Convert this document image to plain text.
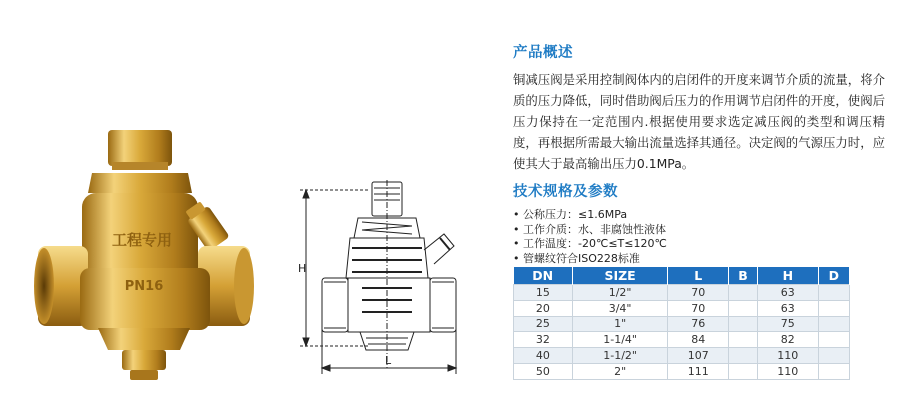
工程专用
PN16
H
L
产品概述

铜减压阀是采用控制阀体内的启闭件的开度来调节介质的流量，将介质的压力降低，同时借助阀后压力的作用调节启闭件的开度，使阀后压力保持在一定范围内.根据使用要求选定减压阀的类型和调压精度，再根据所需最大输出流量选择其通径。决定阀的气源压力时，应使其大于最高输出压力0.1MPa。

技术规格及参数
• 公称压力：≤1.6MPa
• 工作介质：水、非腐蚀性液体
• 工作温度：-20℃≤T≤120℃
• 管螺纹符合ISO228标准
DN	SIZE	L	B	H	D
15	1/2"	70		63	
20	3/4"	70		63	
25	1"	76		75	
32	1-1/4"	84		82	
40	1-1/2"	107		110	
50	2"	111		110	
